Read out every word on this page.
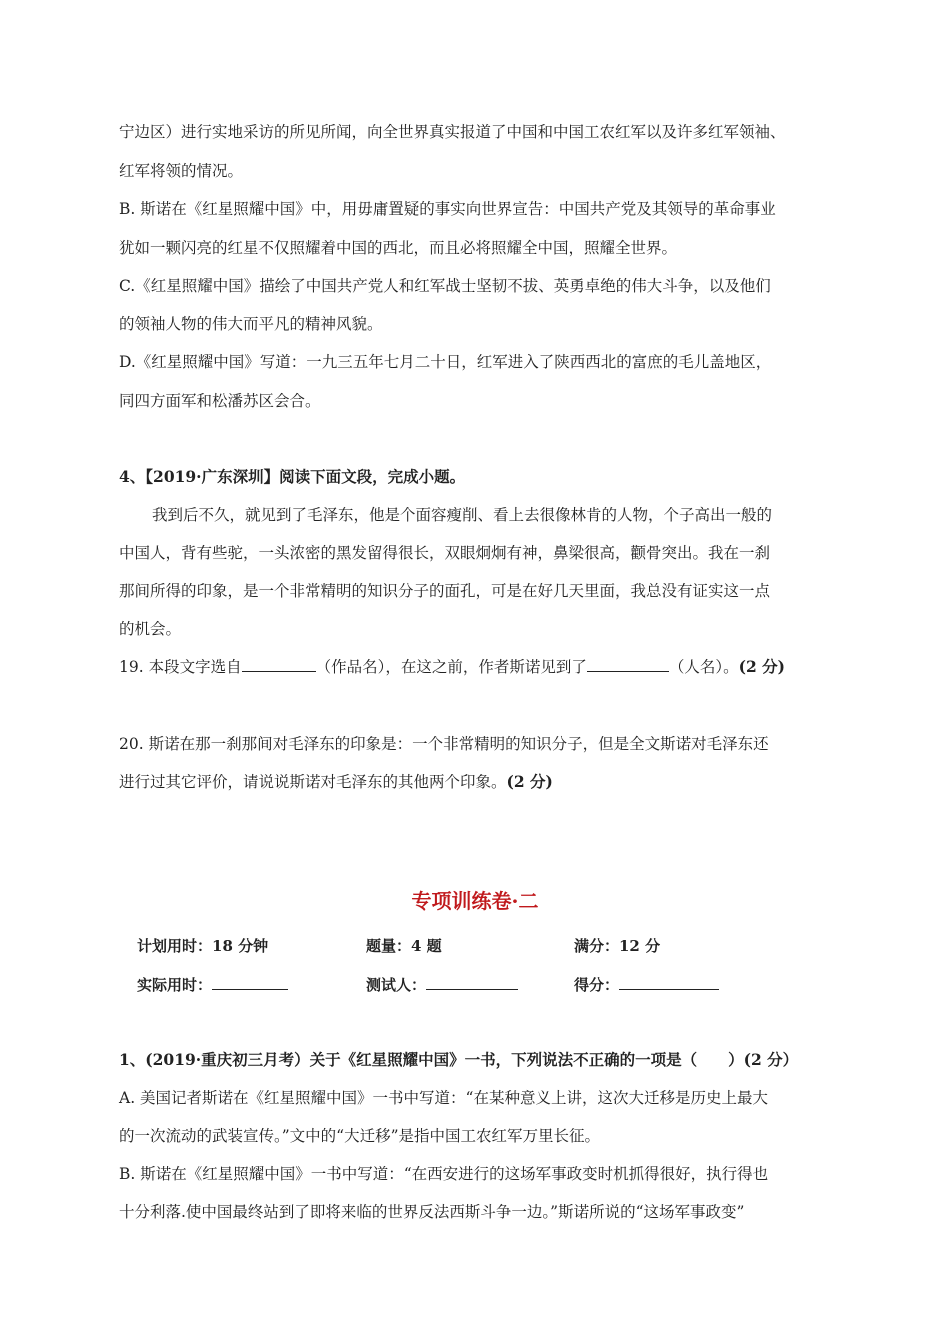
宁边区）进行实地采访的所见所闻，向全世界真实报道了中国和中国工农红军以及许多红军领袖、
红军将领的情况。
B. 斯诺在《红星照耀中国》中，用毋庸置疑的事实向世界宣告：中国共产党及其领导的革命事业
犹如一颗闪亮的红星不仅照耀着中国的西北，而且必将照耀全中国，照耀全世界。
C.《红星照耀中国》描绘了中国共产党人和红军战士坚韧不拔、英勇卓绝的伟大斗争，以及他们
的领袖人物的伟大而平凡的精神风貌。
D.《红星照耀中国》写道：一九三五年七月二十日，红军进入了陕西西北的富庶的毛儿盖地区，
同四方面军和松潘苏区会合。
4、【2019·广东深圳】阅读下面文段，完成小题。
我到后不久，就见到了毛泽东，他是个面容瘦削、看上去很像林肯的人物，个子高出一般的
中国人，背有些驼，一头浓密的黑发留得很长，双眼炯炯有神，鼻梁很高，颧骨突出。我在一刹
那间所得的印象，是一个非常精明的知识分子的面孔，可是在好几天里面，我总没有证实这一点
的机会。
19. 本段文字选自	（作品名），在这之前，作者斯诺见到了	（人名）。(2 分)
20. 斯诺在那一刹那间对毛泽东的印象是：一个非常精明的知识分子，但是全文斯诺对毛泽东还
进行过其它评价，请说说斯诺对毛泽东的其他两个印象。(2 分)
专项训练卷·二
计划用时：18 分钟	题量：4 题	满分：12 分
实际用时：	测试人：	得分：
1、(2019·重庆初三月考）关于《红星照耀中国》一书，下列说法不正确的一项是（　　）(2 分）
A. 美国记者斯诺在《红星照耀中国》一书中写道：“在某种意义上讲，这次大迁移是历史上最大
的一次流动的武装宣传。”文中的“大迁移”是指中国工农红军万里长征。
B. 斯诺在《红星照耀中国》一书中写道：“在西安进行的这场军事政变时机抓得很好，执行得也
十分利落.使中国最终站到了即将来临的世界反法西斯斗争一边。”斯诺所说的“这场军事政变”
